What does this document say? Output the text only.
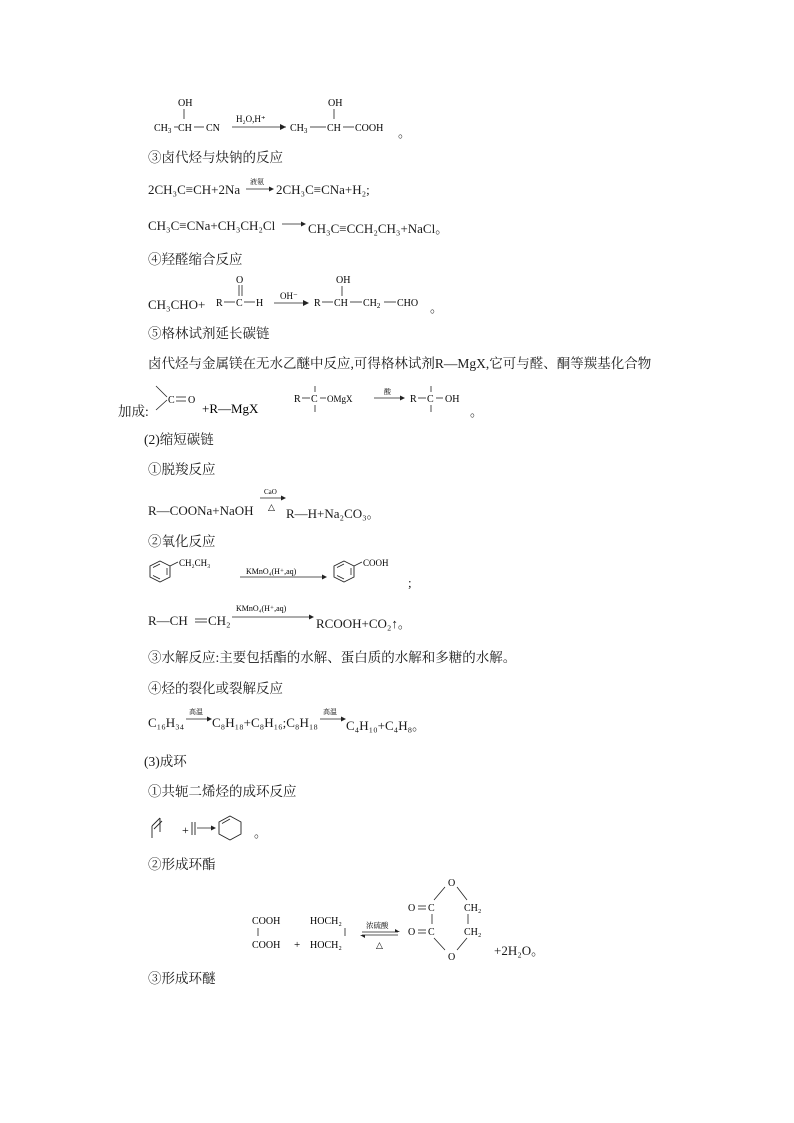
OH
$CH_3$ CH CN
H₂O,H⁺
OH
$CH_3$ CH COOH 。
③卤代烃与炔钠的反应
2CH₃C≡CH+2Na 液氨 2CH₃C≡CNa+H₂;
CH₃C≡CNa+CH₃CH₂Cl	CH₃C≡CCH₂CH₃+NaCl。
④羟醛缩合反应
CH₃CHO+
O
R C H
OH⁻
OH
R CH $CH_2$ CHO 。
⑤格林试剂延长碳链
卤代烃与金属镁在无水乙醚中反应,可得格林试剂R—MgX,它可与醛、酮等羰基化合物
加成:
C O
+R—MgX
R C OMgX
酸
R C OH
。
(2)缩短碳链
①脱羧反应
R—COONa+NaOH
CaO
△ R—H+Na₂CO₃。
②氧化反应
CH₂CH₃
KMnO₄(H⁺,aq)
COOH
;
R—CH CH₂
KMnO₄(H⁺,aq)
RCOOH+CO₂↑。
③水解反应:主要包括酯的水解、蛋白质的水解和多糖的水解。
④烃的裂化或裂解反应
C₁₆H₃₄
高温
C₈H₁₈+C₈H₁₆;C₈H₁₈
高温
C₄H₁₀+C₄H₈。
(3)成环
①共轭二烯烃的成环反应
+	。
②形成环酯
COOH
COOH +
HOCH₂
HOCH₂
浓硫酸
△
O
O C	CH₂
O C	CH₂
O	+2H₂O。
③形成环醚
